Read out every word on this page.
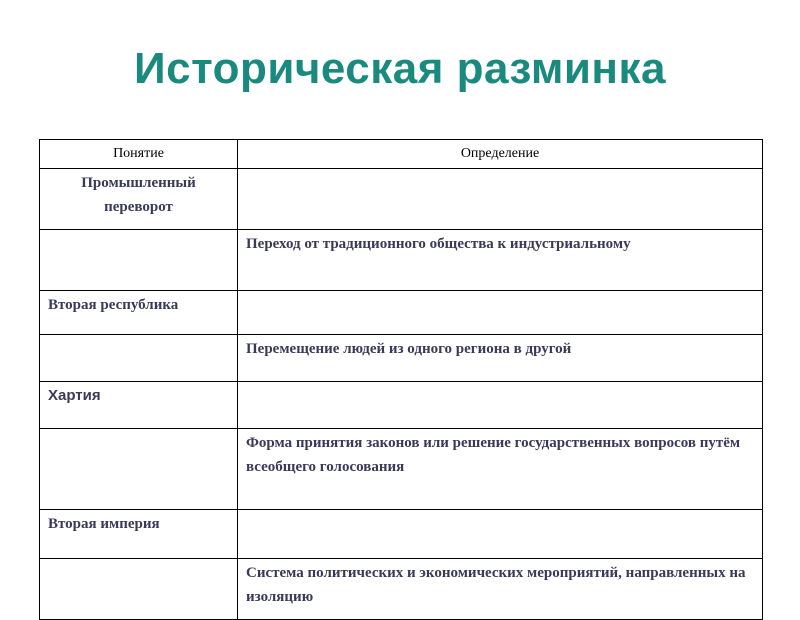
Историческая разминка
Понятие	Определение
Промышленный переворот	
	Переход от традиционного общества к индустриальному
Вторая республика	
	Перемещение людей из одного региона в другой
Хартия	
	Форма принятия законов или решение государственных вопросов путём всеобщего голосования
Вторая империя	
	Система политических и экономических мероприятий, направленных на изоляцию
